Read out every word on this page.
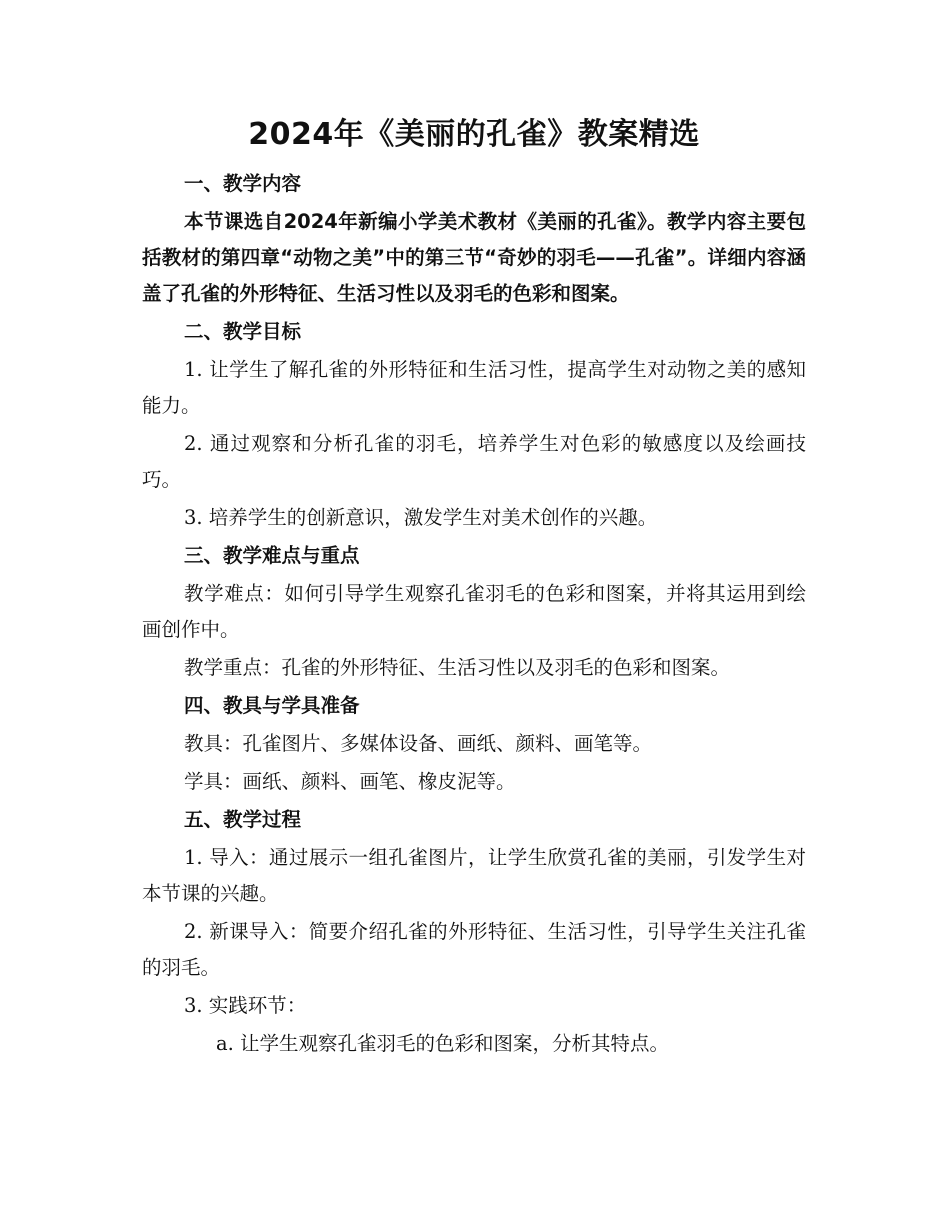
2024年《美丽的孔雀》教案精选
一、教学内容
本节课选自2024年新编小学美术教材《美丽的孔雀》。教学内容主要包括教材的第四章“动物之美”中的第三节“奇妙的羽毛——孔雀”。详细内容涵盖了孔雀的外形特征、生活习性以及羽毛的色彩和图案。
二、教学目标
1. 让学生了解孔雀的外形特征和生活习性，提高学生对动物之美的感知能力。
2. 通过观察和分析孔雀的羽毛，培养学生对色彩的敏感度以及绘画技巧。
3. 培养学生的创新意识，激发学生对美术创作的兴趣。
三、教学难点与重点
教学难点：如何引导学生观察孔雀羽毛的色彩和图案，并将其运用到绘画创作中。
教学重点：孔雀的外形特征、生活习性以及羽毛的色彩和图案。
四、教具与学具准备
教具：孔雀图片、多媒体设备、画纸、颜料、画笔等。
学具：画纸、颜料、画笔、橡皮泥等。
五、教学过程
1. 导入：通过展示一组孔雀图片，让学生欣赏孔雀的美丽，引发学生对本节课的兴趣。
2. 新课导入：简要介绍孔雀的外形特征、生活习性，引导学生关注孔雀的羽毛。
3. 实践环节：
a. 让学生观察孔雀羽毛的色彩和图案，分析其特点。
